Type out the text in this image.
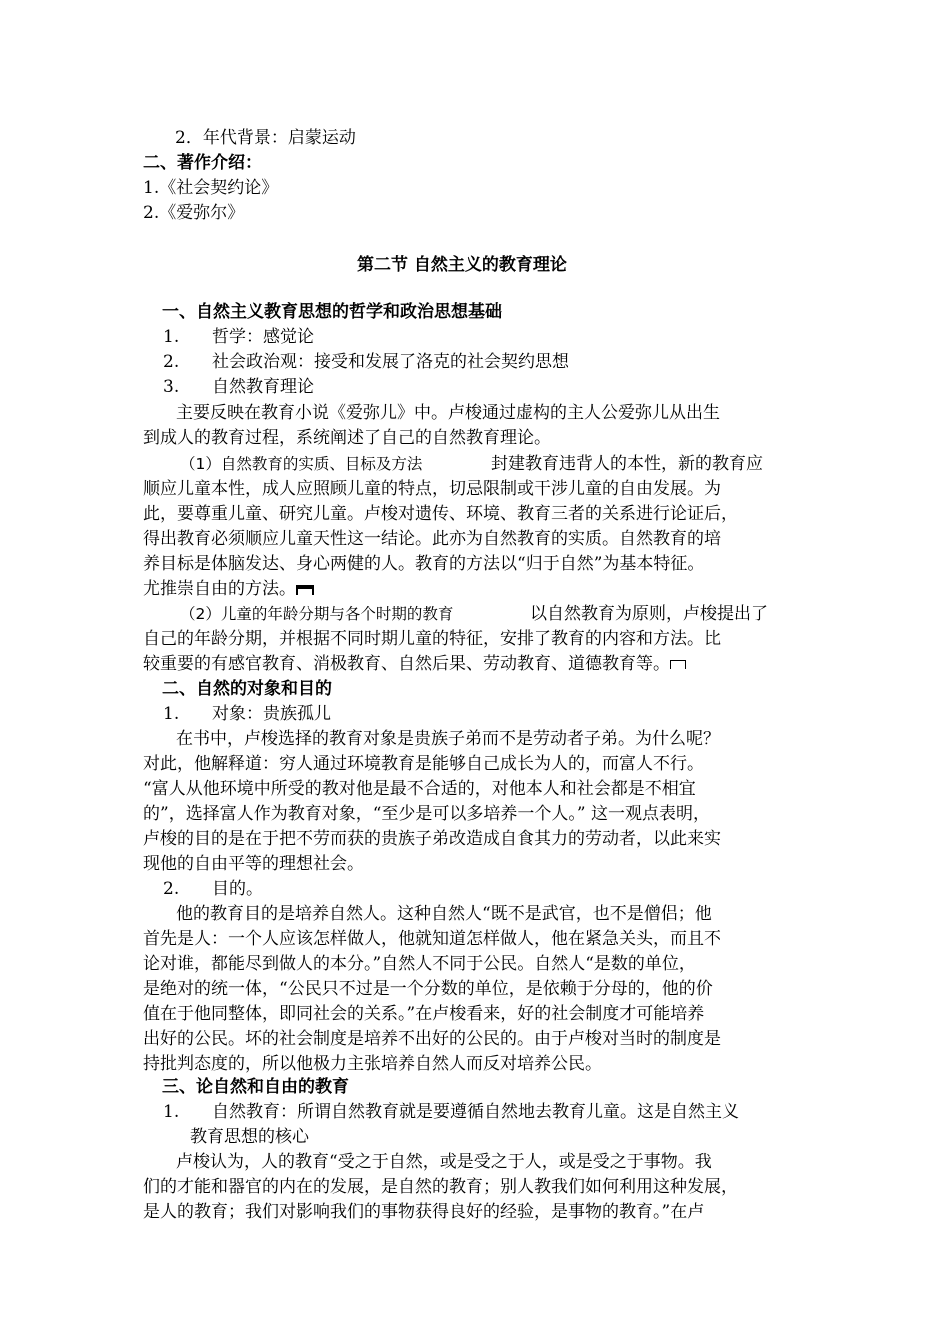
2．年代背景：启蒙运动
二、著作介绍：
1.《社会契约论》
2.《爱弥尔》
第二节 自然主义的教育理论
一、自然主义教育思想的哲学和政治思想基础
1. 哲学：感觉论
2. 社会政治观：接受和发展了洛克的社会契约思想
3. 自然教育理论
主要反映在教育小说《爱弥儿》中。卢梭通过虚构的主人公爱弥儿从出生
到成人的教育过程，系统阐述了自己的自然教育理论。
（1）自然教育的实质、目标及方法	封建教育违背人的本性，新的教育应
顺应儿童本性，成人应照顾儿童的特点，切忌限制或干涉儿童的自由发展。为
此，要尊重儿童、研究儿童。卢梭对遗传、环境、教育三者的关系进行论证后，
得出教育必须顺应儿童天性这一结论。此亦为自然教育的实质。自然教育的培
养目标是体脑发达、身心两健的人。教育的方法以“归于自然”为基本特征。
尤推崇自由的方法。
（2）儿童的年龄分期与各个时期的教育	以自然教育为原则，卢梭提出了
自己的年龄分期，并根据不同时期儿童的特征，安排了教育的内容和方法。比
较重要的有感官教育、消极教育、自然后果、劳动教育、道德教育等。
二、自然的对象和目的
1. 对象：贵族孤儿
在书中，卢梭选择的教育对象是贵族子弟而不是劳动者子弟。为什么呢？
对此，他解释道：穷人通过环境教育是能够自己成长为人的，而富人不行。
“富人从他环境中所受的教对他是最不合适的，对他本人和社会都是不相宜
的”，选择富人作为教育对象，“至少是可以多培养一个人。” 这一观点表明，
卢梭的目的是在于把不劳而获的贵族子弟改造成自食其力的劳动者，以此来实
现他的自由平等的理想社会。
2. 目的。
他的教育目的是培养自然人。这种自然人“既不是武官，也不是僧侣；他
首先是人：一个人应该怎样做人，他就知道怎样做人，他在紧急关头，而且不
论对谁，都能尽到做人的本分。”自然人不同于公民。自然人“是数的单位，
是绝对的统一体，“公民只不过是一个分数的单位，是依赖于分母的，他的价
值在于他同整体，即同社会的关系。”在卢梭看来，好的社会制度才可能培养
出好的公民。坏的社会制度是培养不出好的公民的。由于卢梭对当时的制度是
持批判态度的，所以他极力主张培养自然人而反对培养公民。
三、论自然和自由的教育
1. 自然教育：所谓自然教育就是要遵循自然地去教育儿童。这是自然主义
教育思想的核心
卢梭认为，人的教育“受之于自然，或是受之于人，或是受之于事物。我
们的才能和器官的内在的发展，是自然的教育；别人教我们如何利用这种发展，
是人的教育；我们对影响我们的事物获得良好的经验，是事物的教育。”在卢
